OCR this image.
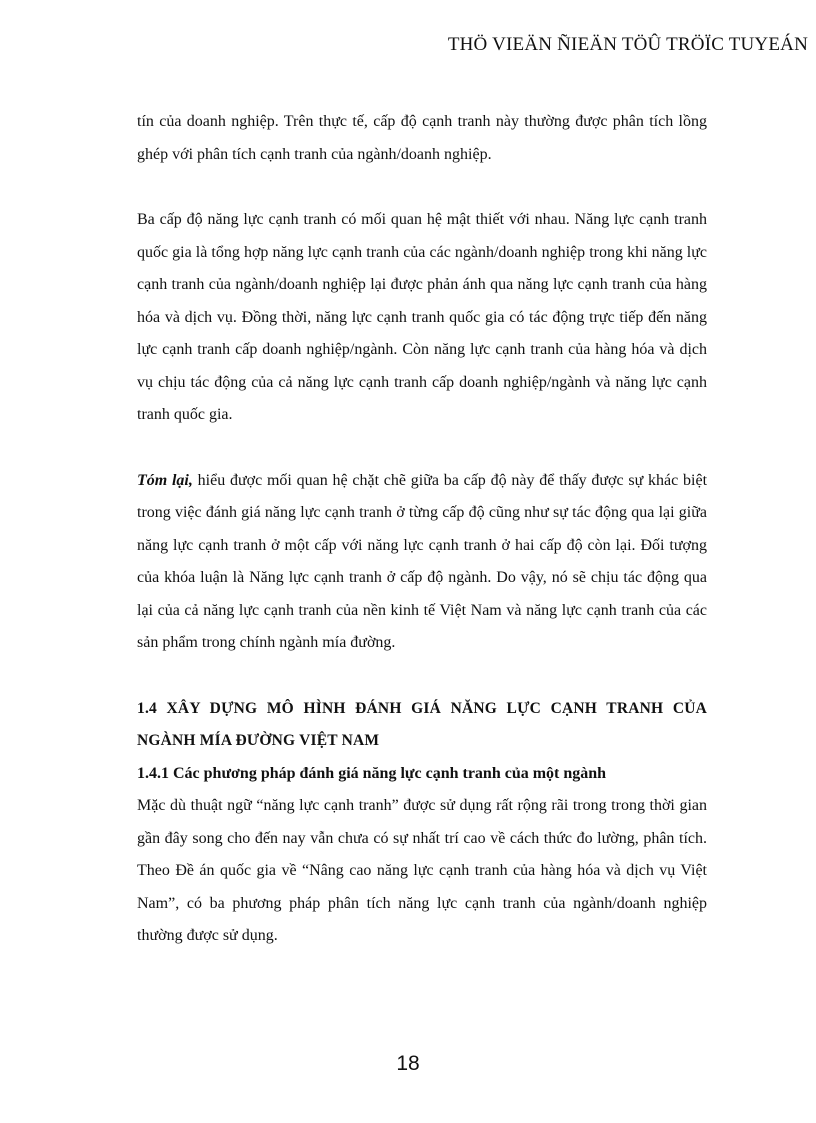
THÖ VIEÄN ÑIEÄN TÖÛ TRÖÏC TUYEÁN

tín của doanh nghiệp. Trên thực tế, cấp độ cạnh tranh này thường được phân tích lồng ghép với phân tích cạnh tranh của ngành/doanh nghiệp.

Ba cấp độ năng lực cạnh tranh có mối quan hệ mật thiết với nhau. Năng lực cạnh tranh quốc gia là tổng hợp năng lực cạnh tranh của các ngành/doanh nghiệp trong khi năng lực cạnh tranh của ngành/doanh nghiệp lại được phản ánh qua năng lực cạnh tranh của hàng hóa và dịch vụ. Đồng thời, năng lực cạnh tranh quốc gia có tác động trực tiếp đến năng lực cạnh tranh cấp doanh nghiệp/ngành. Còn năng lực cạnh tranh của hàng hóa và dịch vụ chịu tác động của cả năng lực cạnh tranh cấp doanh nghiệp/ngành và năng lực cạnh tranh quốc gia.

Tóm lại, hiểu được mối quan hệ chặt chẽ giữa ba cấp độ này để thấy được sự khác biệt trong việc đánh giá năng lực cạnh tranh ở từng cấp độ cũng như sự tác động qua lại giữa năng lực cạnh tranh ở một cấp với năng lực cạnh tranh ở hai cấp độ còn lại. Đối tượng của khóa luận là Năng lực cạnh tranh ở cấp độ ngành. Do vậy, nó sẽ chịu tác động qua lại của cả năng lực cạnh tranh của nền kinh tế Việt Nam và năng lực cạnh tranh của các sản phẩm trong chính ngành mía đường.

1.4 XÂY DỰNG MÔ HÌNH ĐÁNH GIÁ NĂNG LỰC CẠNH TRANH CỦA NGÀNH MÍA ĐƯỜNG VIỆT NAM

1.4.1 Các phương pháp đánh giá năng lực cạnh tranh của một ngành

Mặc dù thuật ngữ “năng lực cạnh tranh” được sử dụng rất rộng rãi trong trong thời gian gần đây song cho đến nay vẫn chưa có sự nhất trí cao về cách thức đo lường, phân tích. Theo Đề án quốc gia về “Nâng cao năng lực cạnh tranh của hàng hóa và dịch vụ Việt Nam”, có ba phương pháp phân tích năng lực cạnh tranh của ngành/doanh nghiệp thường được sử dụng.

18
